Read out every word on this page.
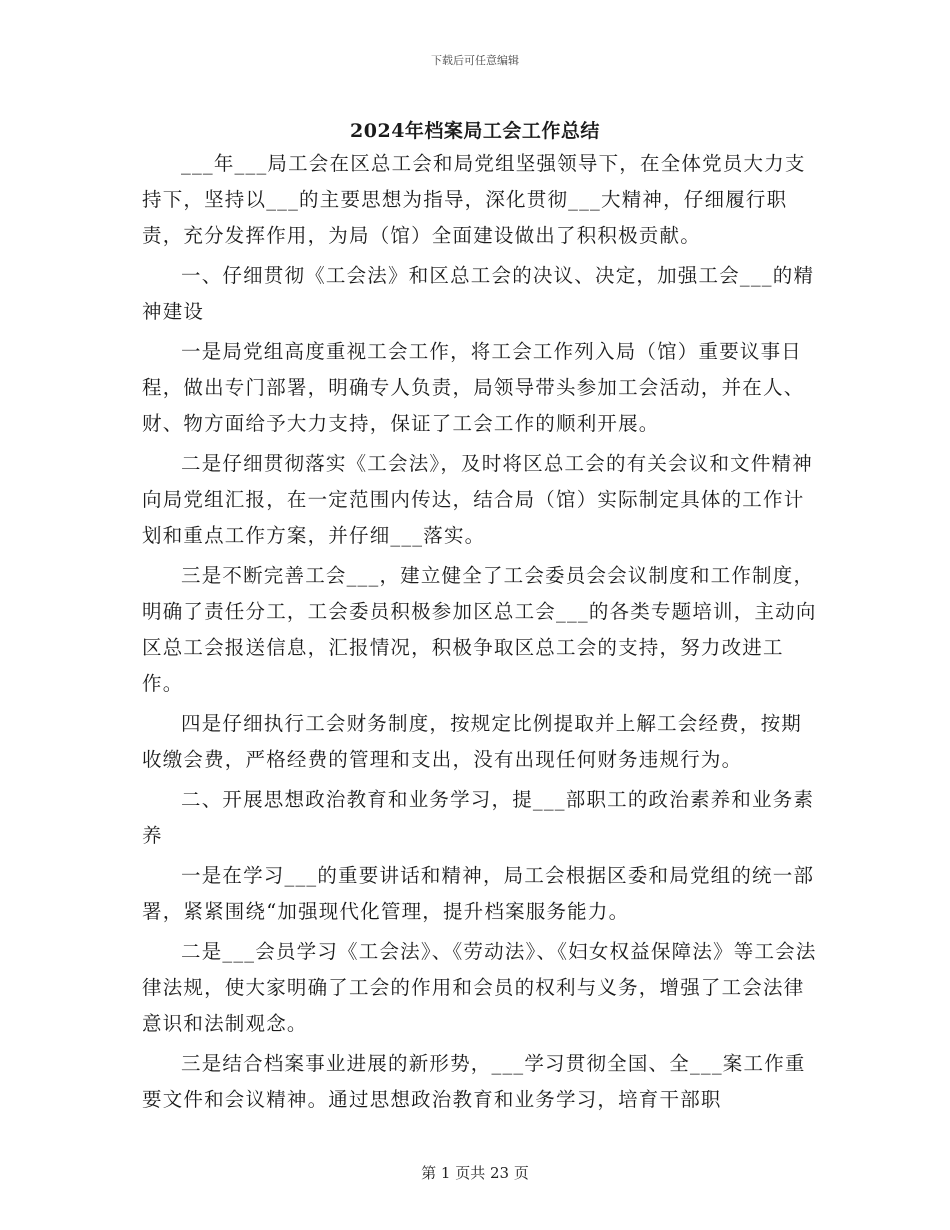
下载后可任意编辑
2024年档案局工会工作总结

___年___局工会在区总工会和局党组坚强领导下，在全体党员大力支持下，坚持以___的主要思想为指导，深化贯彻___大精神，仔细履行职责，充分发挥作用，为局（馆）全面建设做出了积积极贡献。

一、仔细贯彻《工会法》和区总工会的决议、决定，加强工会___的精神建设

一是局党组高度重视工会工作，将工会工作列入局（馆）重要议事日程，做出专门部署，明确专人负责，局领导带头参加工会活动，并在人、财、物方面给予大力支持，保证了工会工作的顺利开展。

二是仔细贯彻落实《工会法》，及时将区总工会的有关会议和文件精神向局党组汇报，在一定范围内传达，结合局（馆）实际制定具体的工作计划和重点工作方案，并仔细___落实。

三是不断完善工会___，建立健全了工会委员会会议制度和工作制度，明确了责任分工，工会委员积极参加区总工会___的各类专题培训，主动向区总工会报送信息，汇报情况，积极争取区总工会的支持，努力改进工作。

四是仔细执行工会财务制度，按规定比例提取并上解工会经费，按期收缴会费，严格经费的管理和支出，没有出现任何财务违规行为。

二、开展思想政治教育和业务学习，提___部职工的政治素养和业务素养

一是在学习___的重要讲话和精神，局工会根据区委和局党组的统一部署，紧紧围绕“加强现代化管理，提升档案服务能力。

二是___会员学习《工会法》、《劳动法》、《妇女权益保障法》等工会法律法规，使大家明确了工会的作用和会员的权利与义务，增强了工会法律意识和法制观念。

三是结合档案事业进展的新形势，___学习贯彻全国、全___案工作重要文件和会议精神。通过思想政治教育和业务学习，培育干部职

第 1 页共 23 页
